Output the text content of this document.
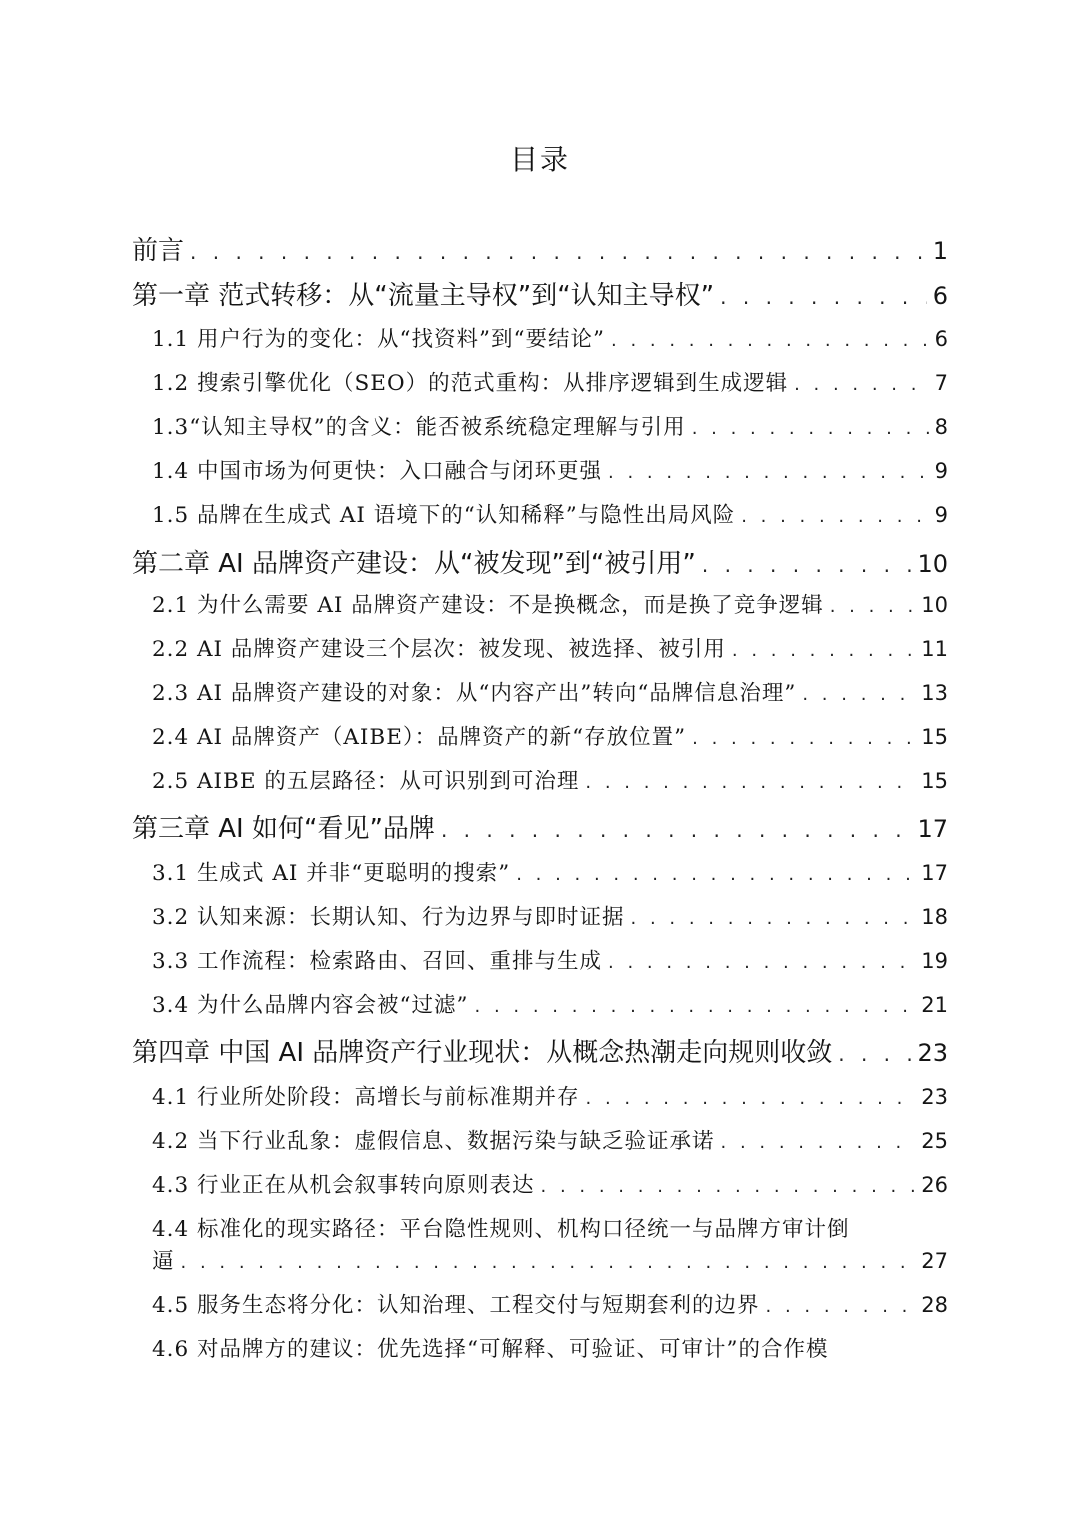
目录
前言 . . .	1
第一章 范式转移：从“流量主导权”到“认知主导权” . . .	6
1.1 用户行为的变化：从“找资料”到“要结论” . . .	6
1.2 搜索引擎优化（SEO）的范式重构：从排序逻辑到生成逻辑 . . .	7
1.3“认知主导权”的含义：能否被系统稳定理解与引用 . . .	8
1.4 中国市场为何更快：入口融合与闭环更强 . . .	9
1.5 品牌在生成式 AI 语境下的“认知稀释”与隐性出局风险 . . .	9
第二章 AI 品牌资产建设：从“被发现”到“被引用” . . .	10
2.1 为什么需要 AI 品牌资产建设：不是换概念，而是换了竞争逻辑 . . .	10
2.2 AI 品牌资产建设三个层次：被发现、被选择、被引用 . . .	11
2.3 AI 品牌资产建设的对象：从“内容产出”转向“品牌信息治理” . . .	13
2.4 AI 品牌资产（AIBE）：品牌资产的新“存放位置” . . .	15
2.5 AIBE 的五层路径：从可识别到可治理 . . .	15
第三章 AI 如何“看见”品牌 . . .	17
3.1 生成式 AI 并非“更聪明的搜索” . . .	17
3.2 认知来源：长期认知、行为边界与即时证据 . . .	18
3.3 工作流程：检索路由、召回、重排与生成 . . .	19
3.4 为什么品牌内容会被“过滤” . . .	21
第四章 中国 AI 品牌资产行业现状：从概念热潮走向规则收敛 . . .	23
4.1 行业所处阶段：高增长与前标准期并存 . . .	23
4.2 当下行业乱象：虚假信息、数据污染与缺乏验证承诺 . . .	25
4.3 行业正在从机会叙事转向原则表达 . . .	26
4.4 标准化的现实路径：平台隐性规则、机构口径统一与品牌方审计倒
逼 . . .	27
4.5 服务生态将分化：认知治理、工程交付与短期套利的边界 . . .	28
4.6 对品牌方的建议：优先选择“可解释、可验证、可审计”的合作模
